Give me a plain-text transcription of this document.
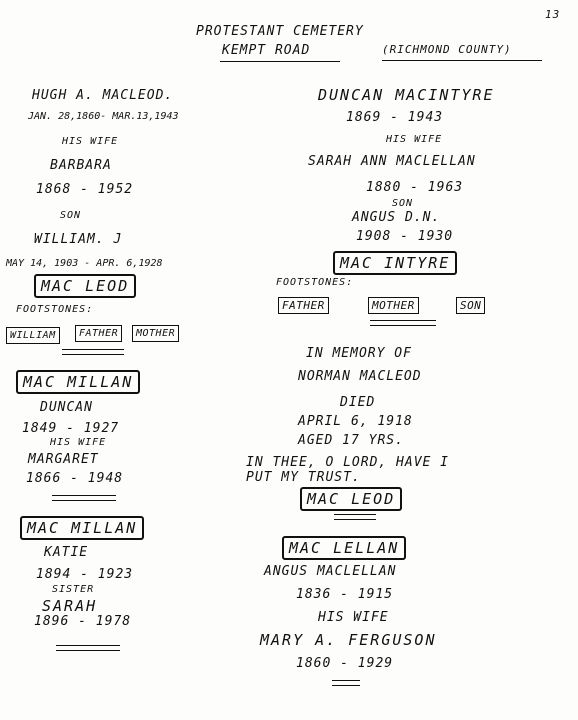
13
PROTESTANT CEMETERY
KEMPT ROAD	(RICHMOND COUNTY)
HUGH A. MACLEOD.
JAN. 28,1860- MAR.13,1943
HIS WIFE
BARBARA
1868 - 1952
SON
WILLIAM. J
MAY 14, 1903 - APR. 6,1928
MAC LEOD
FOOTSTONES:
WILLIAM	FATHER	MOTHER
MAC MILLAN
DUNCAN
1849 - 1927
HIS WIFE
MARGARET
1866 - 1948
MAC MILLAN
KATIE
1894 - 1923
SISTER
SARAH
1896 - 1978
DUNCAN MACINTYRE
1869 - 1943
HIS WIFE
SARAH ANN MACLELLAN
1880 - 1963
SON
ANGUS D.N.
1908 - 1930
MAC INTYRE
FOOTSTONES:
FATHER	MOTHER	SON
IN MEMORY OF
NORMAN MACLEOD
DIED
APRIL 6, 1918
AGED 17 YRS.
IN THEE, O LORD, HAVE I
PUT MY TRUST.
MAC LEOD
MAC LELLAN
ANGUS MACLELLAN
1836 - 1915
HIS WIFE
MARY A. FERGUSON
1860 - 1929
